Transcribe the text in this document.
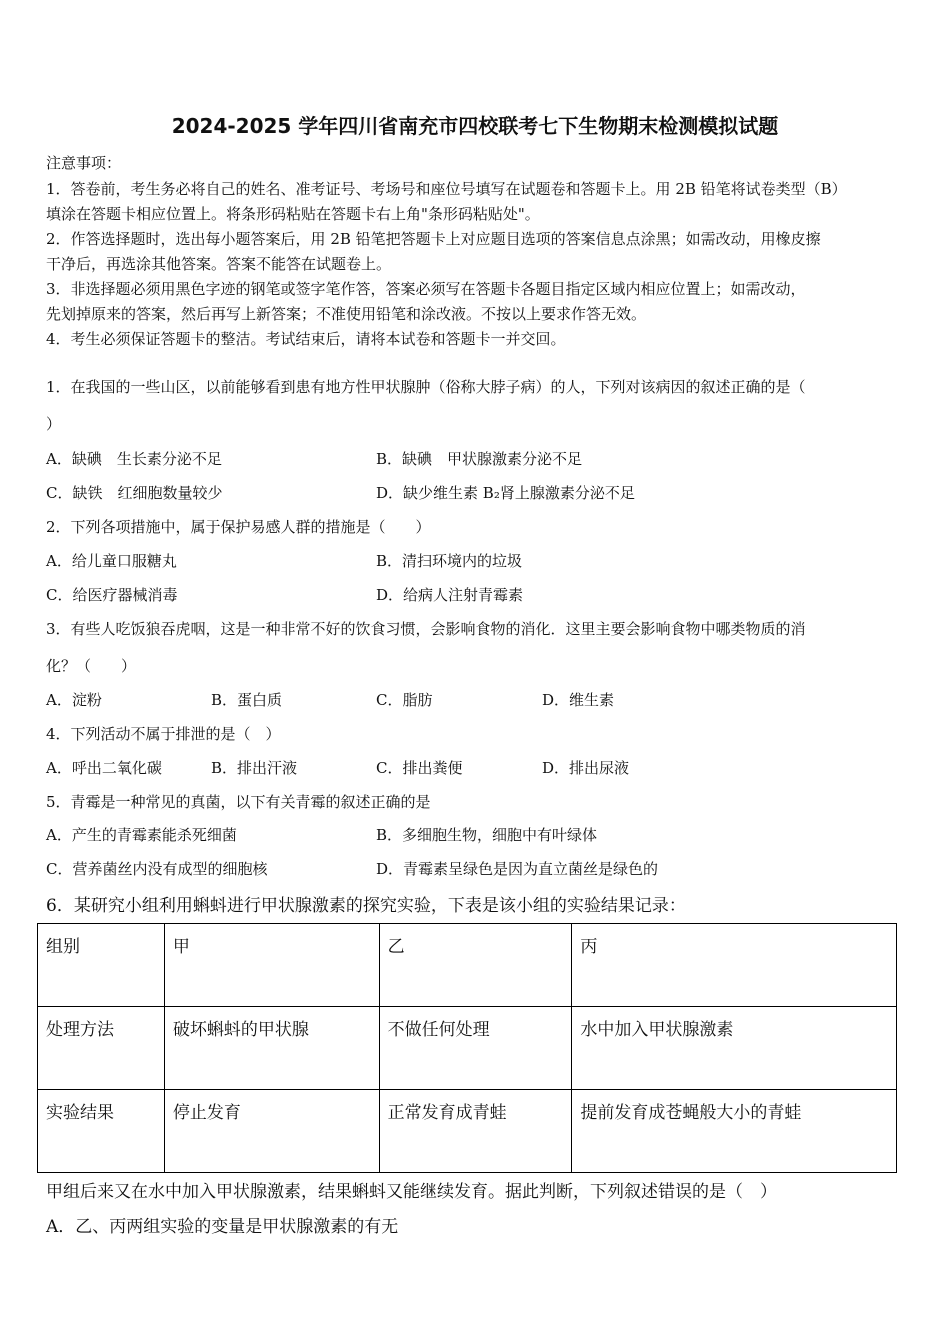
2024-2025 学年四川省南充市四校联考七下生物期末检测模拟试题
注意事项：
1．答卷前，考生务必将自己的姓名、准考证号、考场号和座位号填写在试题卷和答题卡上。用 2B 铅笔将试卷类型（B）
填涂在答题卡相应位置上。将条形码粘贴在答题卡右上角"条形码粘贴处"。
2．作答选择题时，选出每小题答案后，用 2B 铅笔把答题卡上对应题目选项的答案信息点涂黑；如需改动，用橡皮擦
干净后，再选涂其他答案。答案不能答在试题卷上。
3．非选择题必须用黑色字迹的钢笔或签字笔作答，答案必须写在答题卡各题目指定区域内相应位置上；如需改动，
先划掉原来的答案，然后再写上新答案；不准使用铅笔和涂改液。不按以上要求作答无效。
4．考生必须保证答题卡的整洁。考试结束后，请将本试卷和答题卡一并交回。
1．在我国的一些山区，以前能够看到患有地方性甲状腺肿（俗称大脖子病）的人，下列对该病因的叙述正确的是（
）
A．缺碘　生长素分泌不足	B．缺碘　甲状腺激素分泌不足
C．缺铁　红细胞数量较少	D．缺少维生素 B₂肾上腺激素分泌不足
2．下列各项措施中，属于保护易感人群的措施是（　　）
A．给儿童口服糖丸	B．清扫环境内的垃圾
C．给医疗器械消毒	D．给病人注射青霉素
3．有些人吃饭狼吞虎咽，这是一种非常不好的饮食习惯，会影响食物的消化．这里主要会影响食物中哪类物质的消
化？（　　）
A．淀粉	B．蛋白质	C．脂肪	D．维生素
4．下列活动不属于排泄的是（　）
A．呼出二氧化碳	B．排出汗液	C．排出粪便	D．排出尿液
5．青霉是一种常见的真菌，以下有关青霉的叙述正确的是
A．产生的青霉素能杀死细菌	B．多细胞生物，细胞中有叶绿体
C．营养菌丝内没有成型的细胞核	D．青霉素呈绿色是因为直立菌丝是绿色的
6．某研究小组利用蝌蚪进行甲状腺激素的探究实验，下表是该小组的实验结果记录：
组别	甲	乙	丙
处理方法	破坏蝌蚪的甲状腺	不做任何处理	水中加入甲状腺激素
实验结果	停止发育	正常发育成青蛙	提前发育成苍蝇般大小的青蛙
甲组后来又在水中加入甲状腺激素，结果蝌蚪又能继续发育。据此判断，下列叙述错误的是（　）
A．乙、丙两组实验的变量是甲状腺激素的有无
